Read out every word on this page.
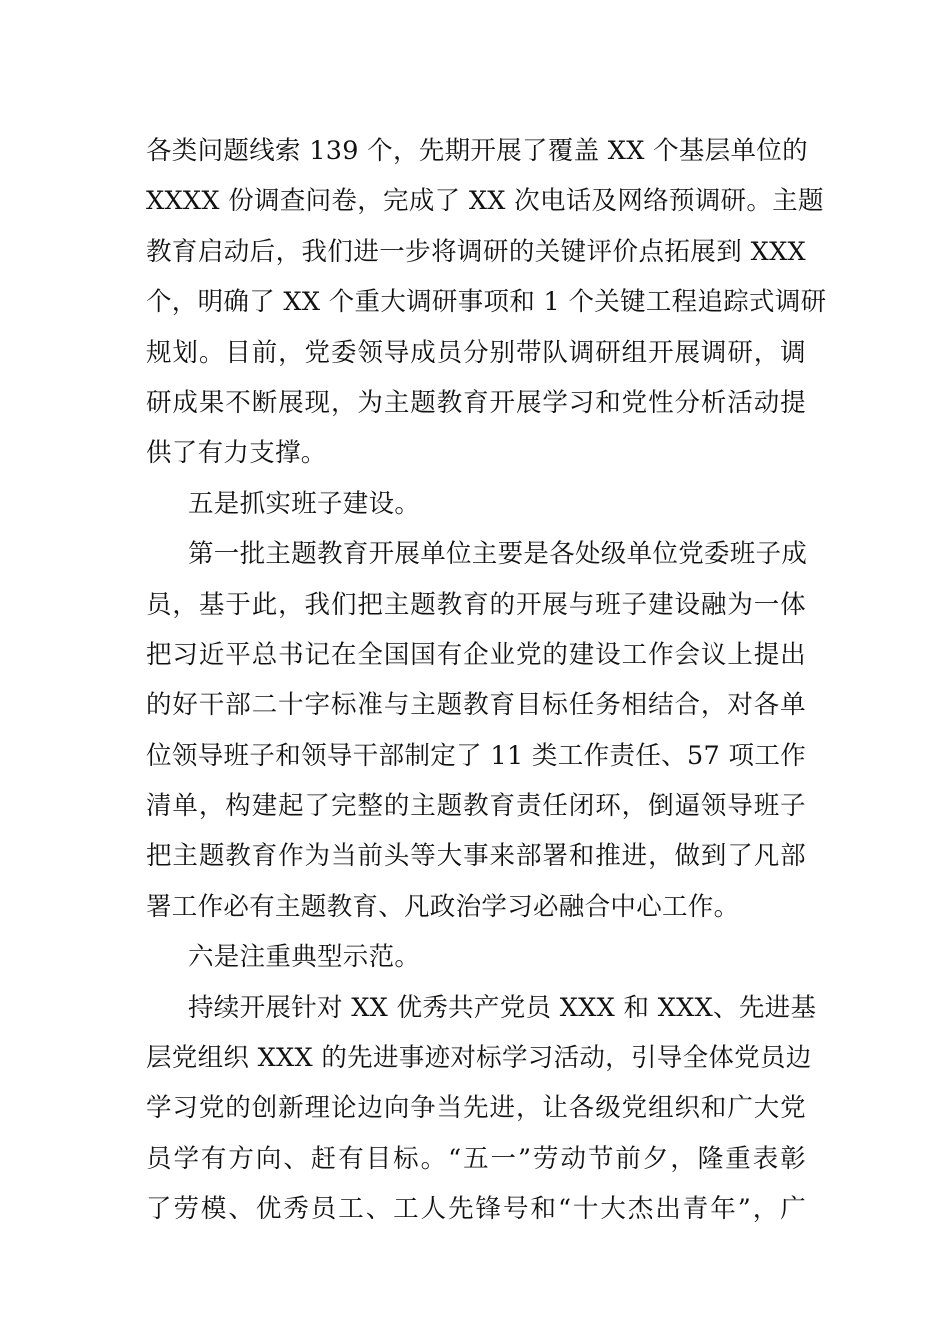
各类问题线索 139 个，先期开展了覆盖 XX 个基层单位的
XXXX 份调查问卷，完成了 XX 次电话及网络预调研。主题
教育启动后，我们进一步将调研的关键评价点拓展到 XXX
个，明确了 XX 个重大调研事项和 1 个关键工程追踪式调研
规划。目前，党委领导成员分别带队调研组开展调研，调
研成果不断展现，为主题教育开展学习和党性分析活动提
供了有力支撑。
五是抓实班子建设。
第一批主题教育开展单位主要是各处级单位党委班子成
员，基于此，我们把主题教育的开展与班子建设融为一体
把习近平总书记在全国国有企业党的建设工作会议上提出
的好干部二十字标准与主题教育目标任务相结合，对各单
位领导班子和领导干部制定了 11 类工作责任、57 项工作
清单，构建起了完整的主题教育责任闭环，倒逼领导班子
把主题教育作为当前头等大事来部署和推进，做到了凡部
署工作必有主题教育、凡政治学习必融合中心工作。
六是注重典型示范。
持续开展针对 XX 优秀共产党员 XXX 和 XXX、先进基
层党组织 XXX 的先进事迹对标学习活动，引导全体党员边
学习党的创新理论边向争当先进，让各级党组织和广大党
员学有方向、赶有目标。“五一”劳动节前夕，隆重表彰
了劳模、优秀员工、工人先锋号和“十大杰出青年”，广
